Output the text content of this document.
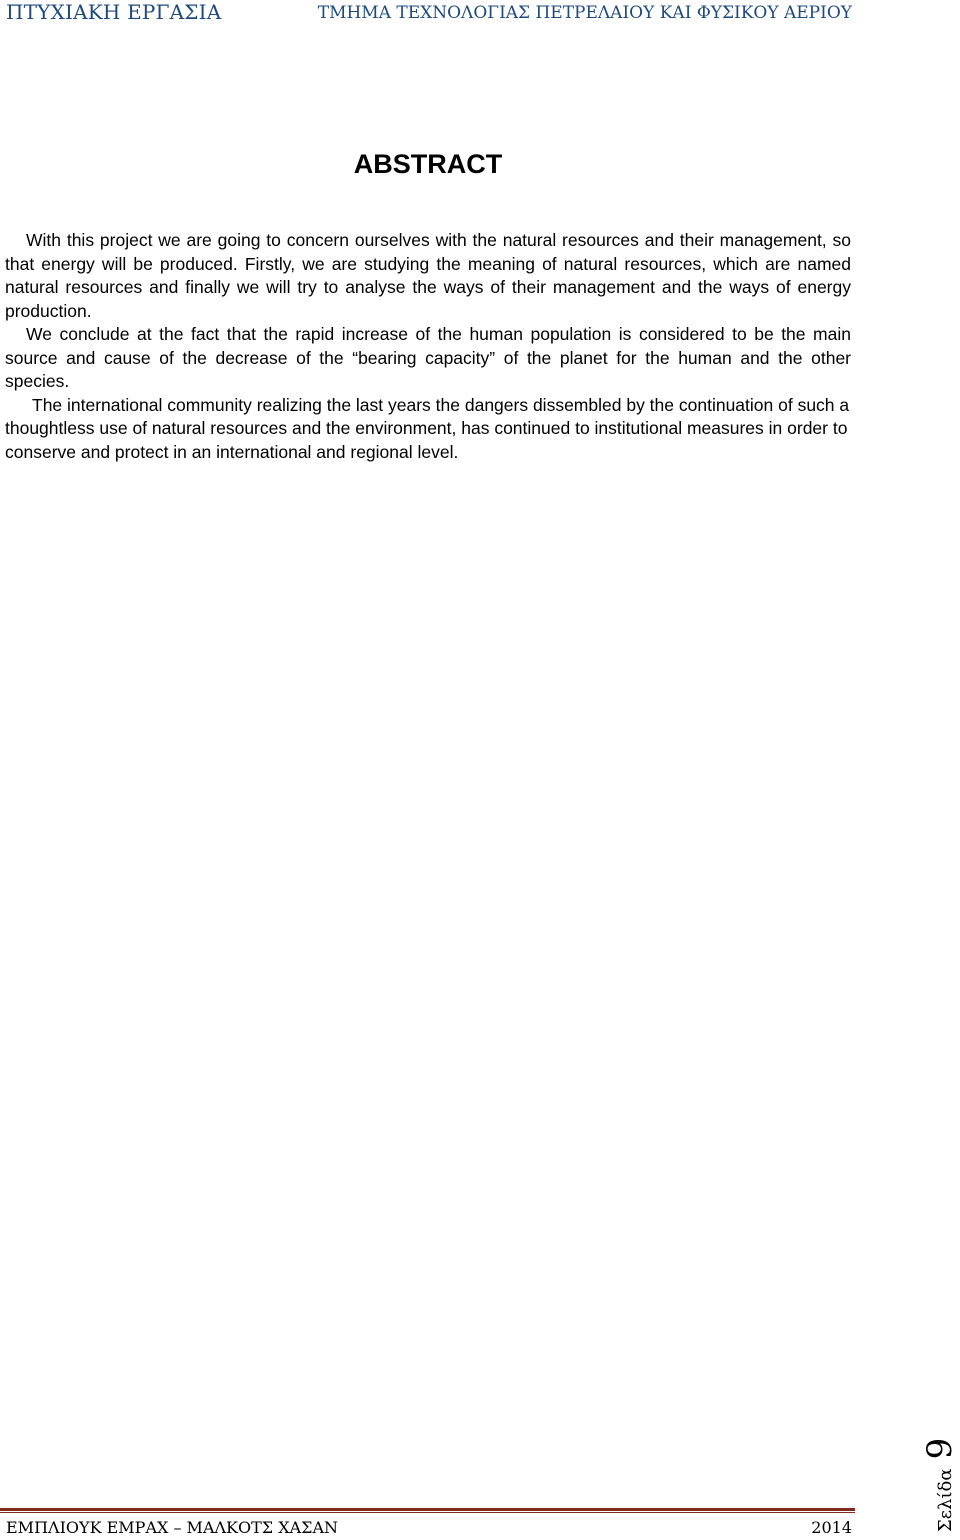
ΠΤΥΧΙΑΚΗ ΕΡΓΑΣΙΑ	ΤΜΗΜΑ ΤΕΧΝΟΛΟΓΙΑΣ ΠΕΤΡΕΛΑΙΟΥ ΚΑΙ ΦΥΣΙΚΟΥ ΑΕΡΙΟΥ
ABSTRACT

With this project we are going to concern ourselves with the natural resources and their management, so that energy will be produced. Firstly, we are studying the meaning of natural resources, which are named natural resources and finally we will try to analyse the ways of their management and the ways of energy production.

We conclude at the fact that the rapid increase of the human population is considered to be the main source and cause of the decrease of the “bearing capacity” of the planet for the human and the other species.

The international community realizing the last years the dangers dissembled by the continuation of such a thoughtless use of natural resources and the environment, has continued to institutional measures in order to conserve and protect in an international and regional level.

Σελίδα 9
ΕΜΠΛΙΟΥΚ ΕΜΡΑΧ – ΜΑΛΚΟΤΣ ΧΑΣΑΝ	2014
